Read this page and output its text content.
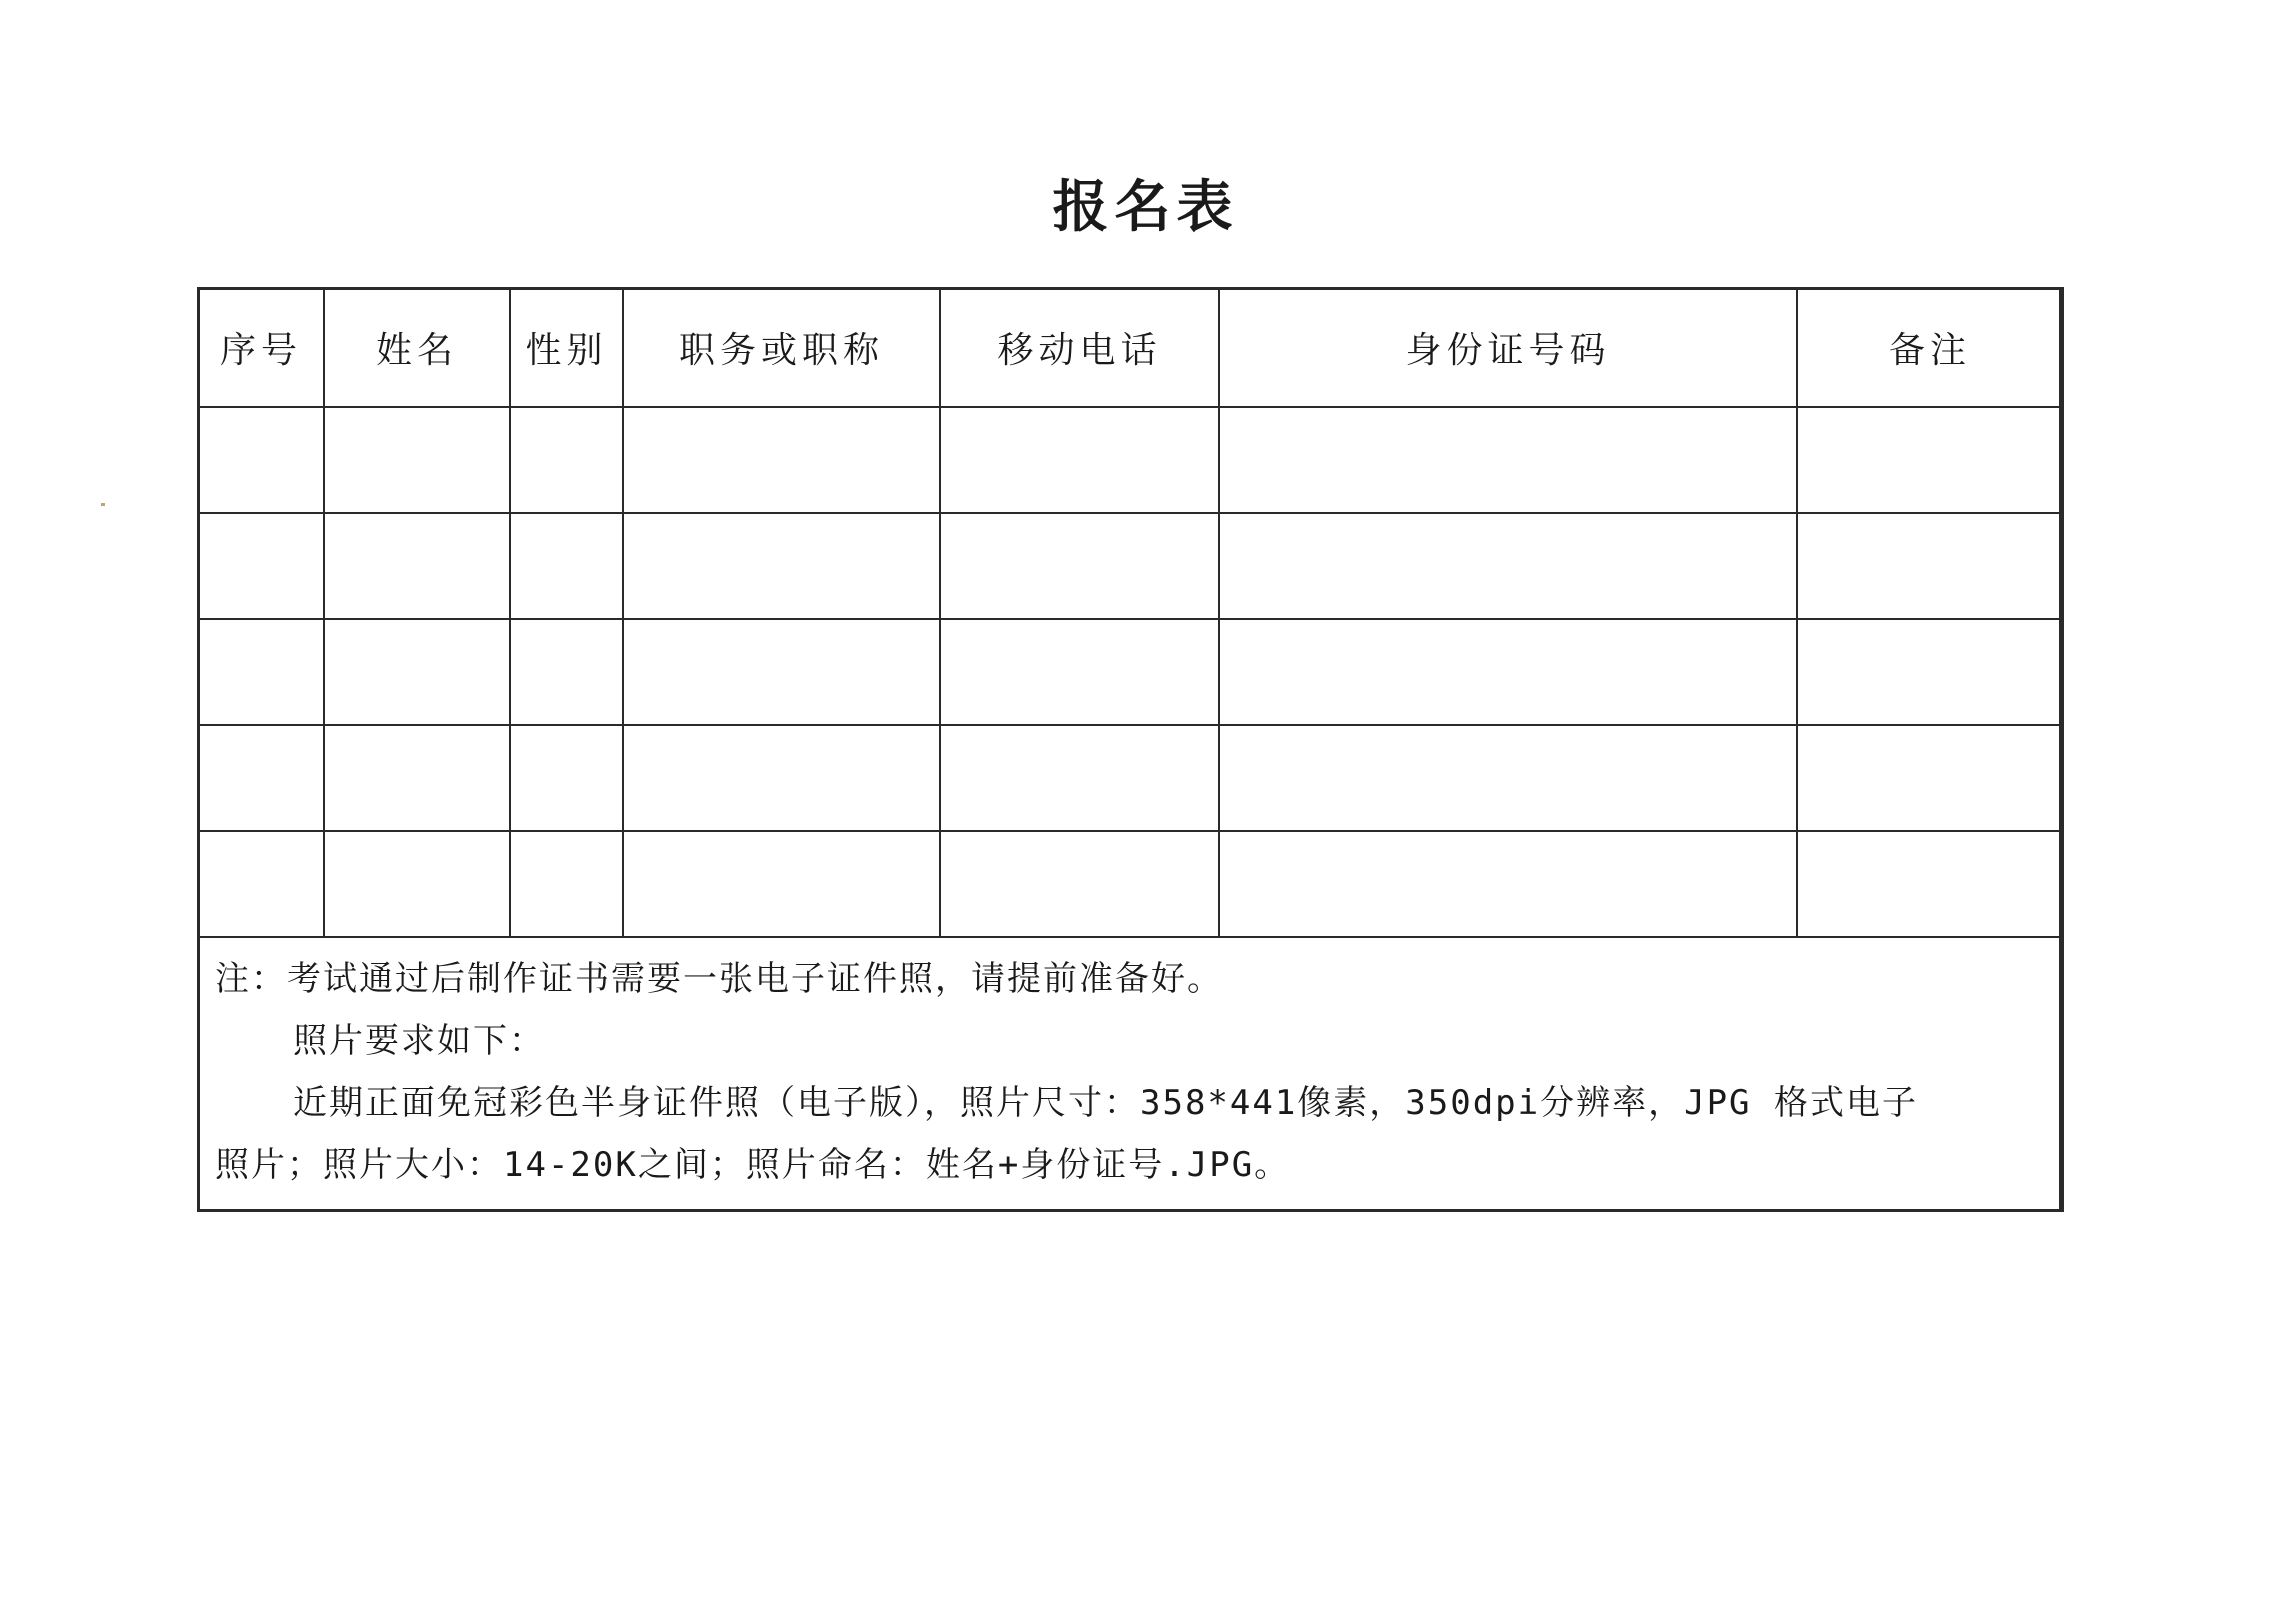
报名表
序号	姓名	性别	职务或职称	移动电话	身份证号码	备注

注：考试通过后制作证书需要一张电子证件照，请提前准备好。
照片要求如下：
近期正面免冠彩色半身证件照（电子版），照片尺寸：358*441像素，350dpi分辨率，JPG 格式电子
照片；照片大小：14-20K之间；照片命名：姓名+身份证号.JPG。						
